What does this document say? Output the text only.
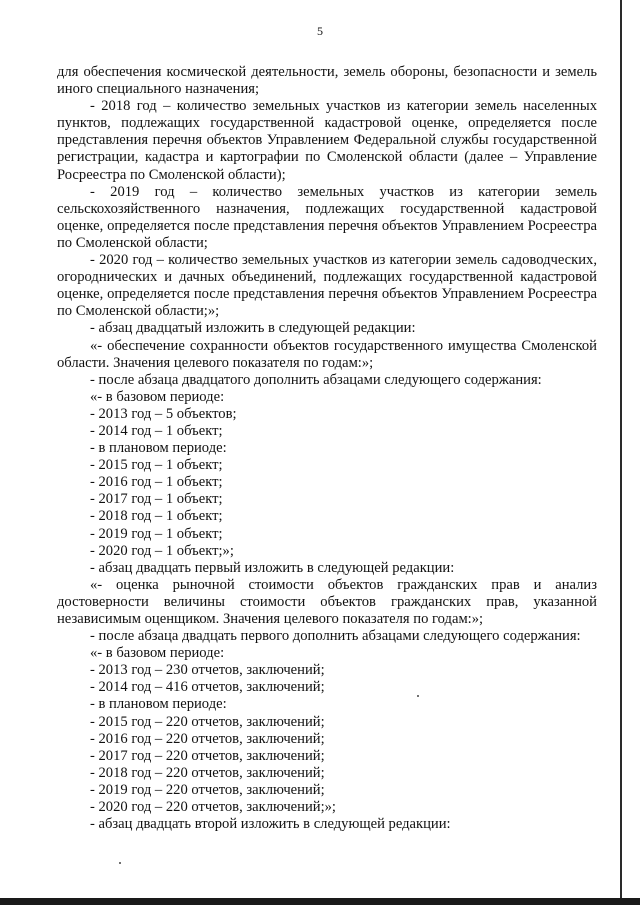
5

для обеспечения космической деятельности, земель обороны, безопасности и земель иного специального назначения;

- 2018 год – количество земельных участков из категории земель населенных пунктов, подлежащих государственной кадастровой оценке, определяется после представления перечня объектов Управлением Федеральной службы государственной регистрации, кадастра и картографии по Смоленской области (далее – Управление Росреестра по Смоленской области);

- 2019 год – количество земельных участков из категории земель сельскохозяйственного назначения, подлежащих государственной кадастровой оценке, определяется после представления перечня объектов Управлением Росреестра по Смоленской области;

- 2020 год – количество земельных участков из категории земель садоводческих, огороднических и дачных объединений, подлежащих государственной кадастровой оценке, определяется после представления перечня объектов Управлением Росреестра по Смоленской области;»;

- абзац двадцатый изложить в следующей редакции:

«- обеспечение сохранности объектов государственного имущества Смоленской области. Значения целевого показателя по годам:»;

- после абзаца двадцатого дополнить абзацами следующего содержания:

«- в базовом периоде:

- 2013 год – 5 объектов;

- 2014 год – 1 объект;

- в плановом периоде:

- 2015 год – 1 объект;

- 2016 год – 1 объект;

- 2017 год – 1 объект;

- 2018 год – 1 объект;

- 2019 год – 1 объект;

- 2020 год – 1 объект;»;

- абзац двадцать первый изложить в следующей редакции:

«- оценка рыночной стоимости объектов гражданских прав и анализ достоверности величины стоимости объектов гражданских прав, указанной независимым оценщиком. Значения целевого показателя по годам:»;

- после абзаца двадцать первого дополнить абзацами следующего содержания:

«- в базовом периоде:

- 2013 год – 230 отчетов, заключений;

- 2014 год – 416 отчетов, заключений;

- в плановом периоде:

- 2015 год – 220 отчетов, заключений;

- 2016 год – 220 отчетов, заключений;

- 2017 год – 220 отчетов, заключений;

- 2018 год – 220 отчетов, заключений;

- 2019 год – 220 отчетов, заключений;

- 2020 год – 220 отчетов, заключений;»;

- абзац двадцать второй изложить в следующей редакции:
